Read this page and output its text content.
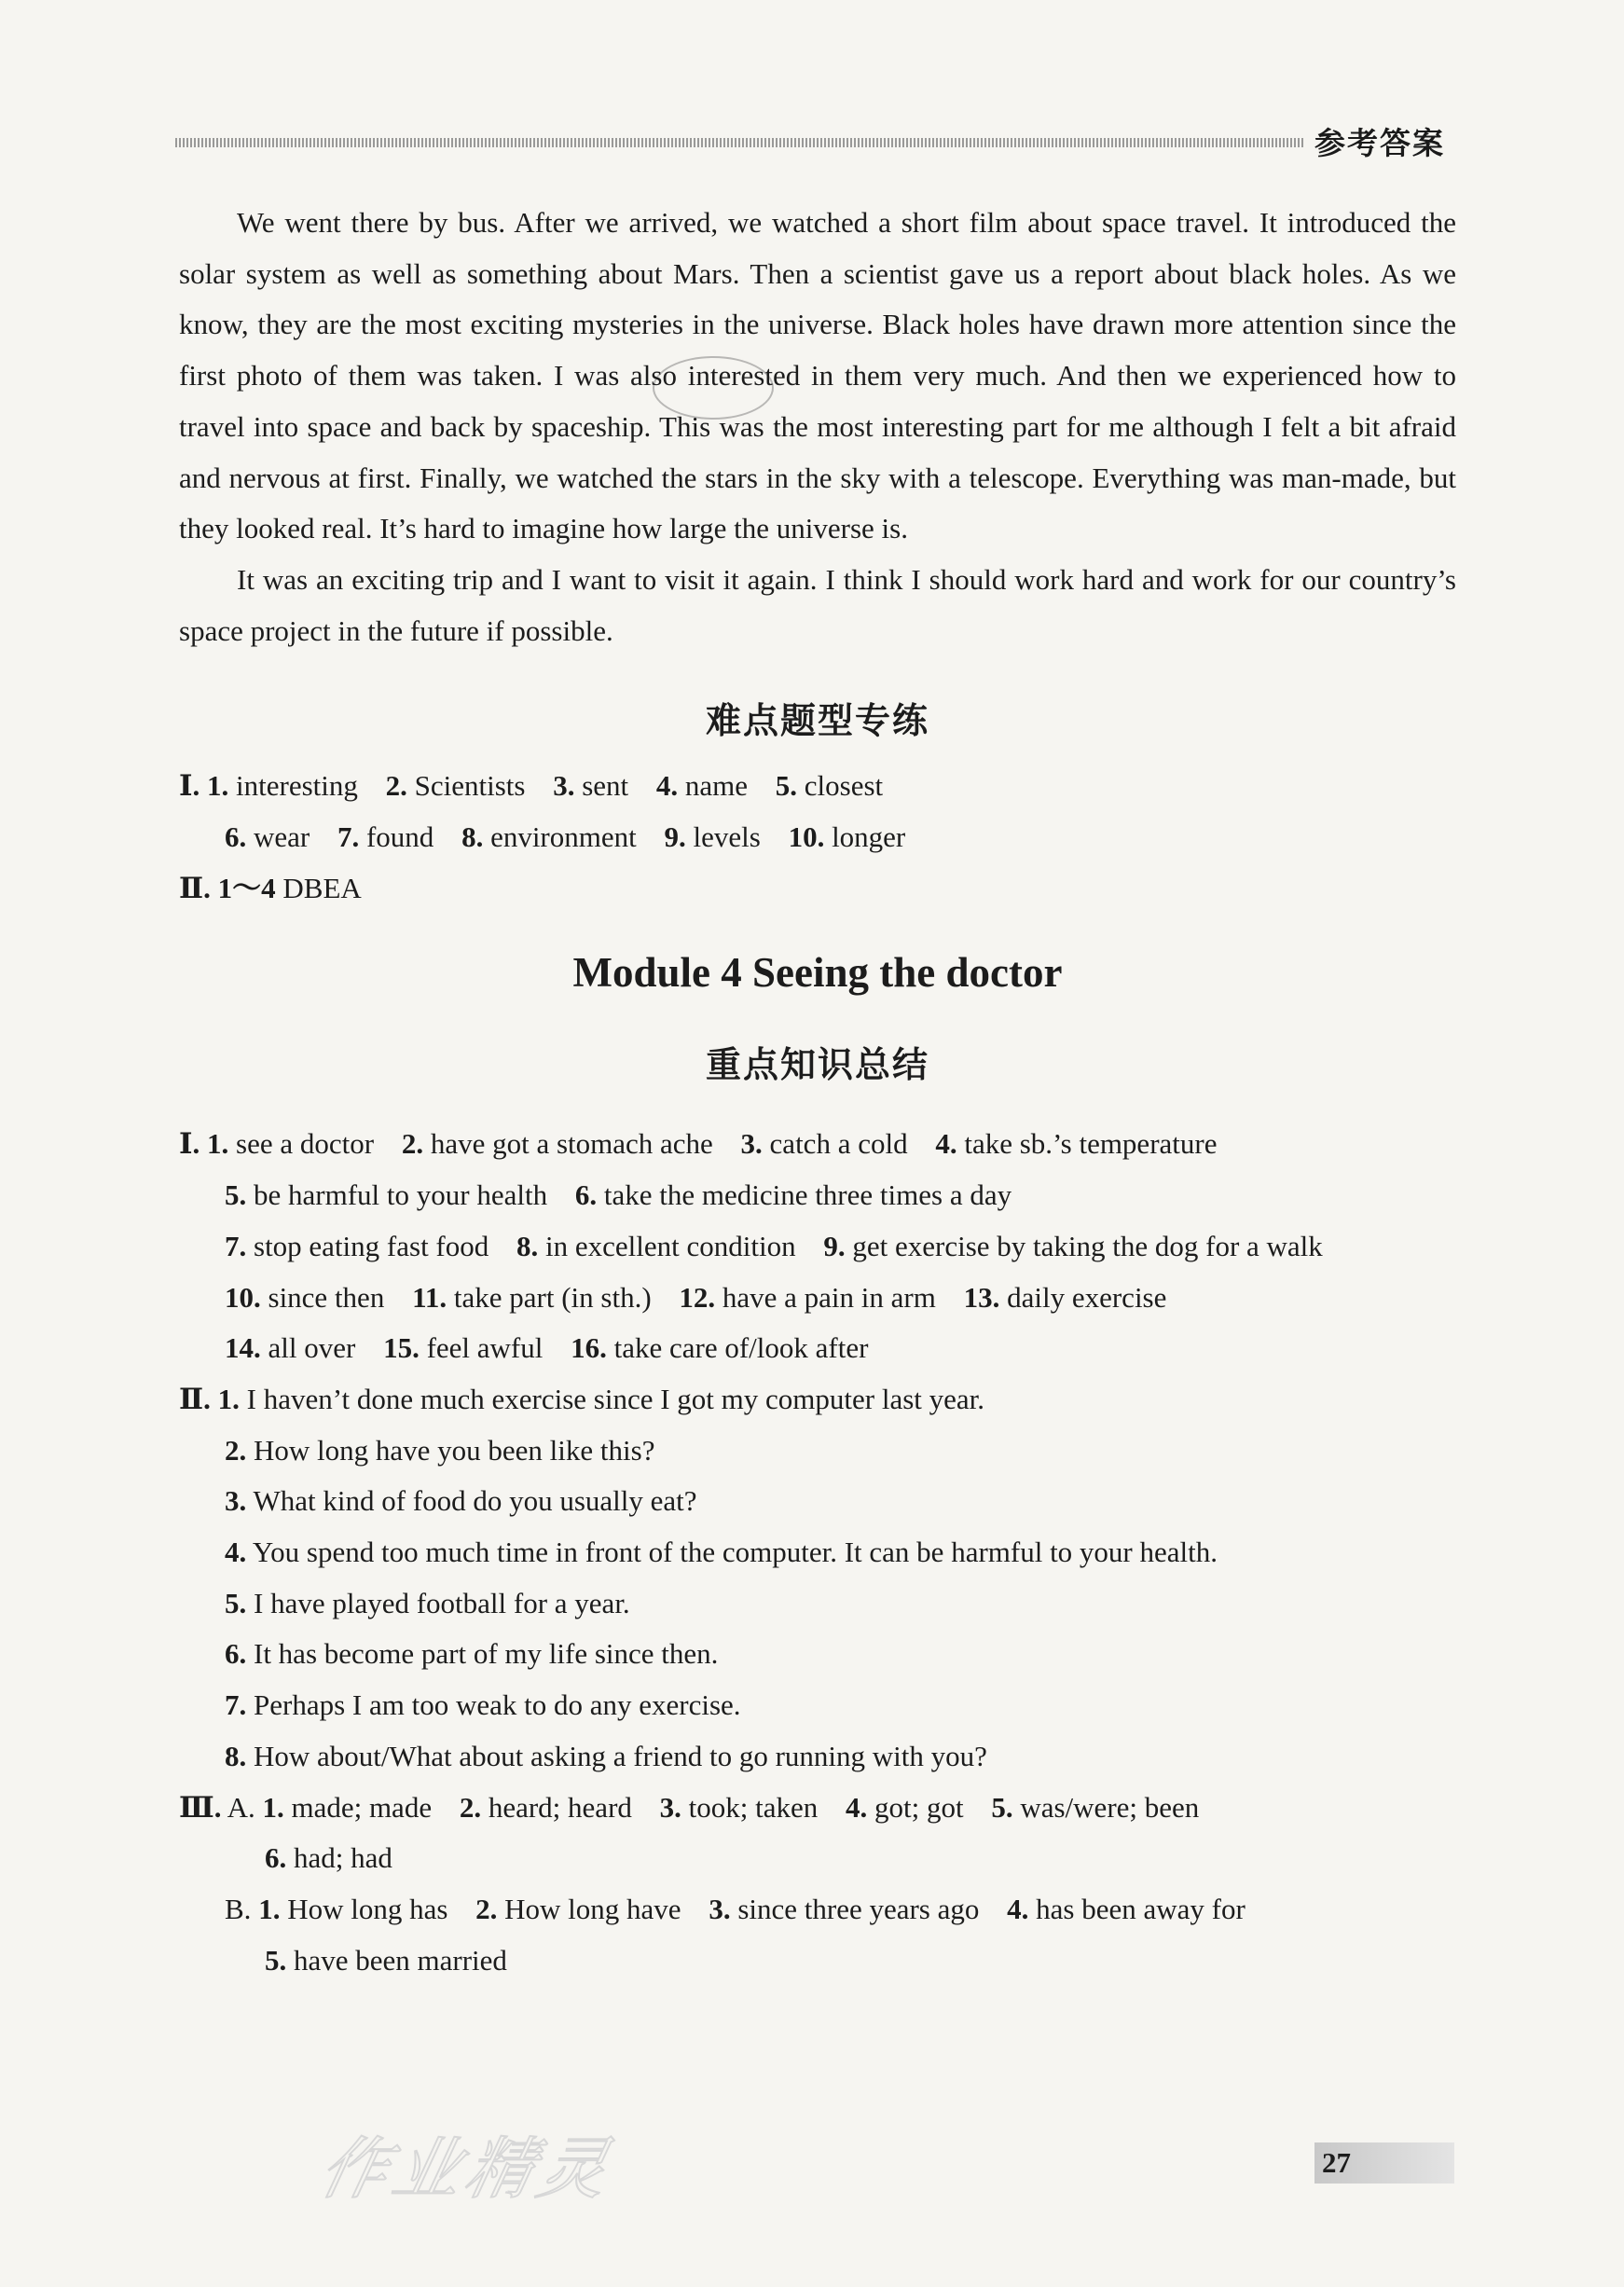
参考答案

We went there by bus. After we arrived, we watched a short film about space travel. It introduced the solar system as well as something about Mars. Then a scientist gave us a report about black holes. As we know, they are the most exciting mysteries in the universe. Black holes have drawn more attention since the first photo of them was taken. I was also interested in them very much. And then we experienced how to travel into space and back by spaceship. This was the most interesting part for me although I felt a bit afraid and nervous at first. Finally, we watched the stars in the sky with a telescope. Everything was man-made, but they looked real. It’s hard to imagine how large the universe is.

It was an exciting trip and I want to visit it again. I think I should work hard and work for our country’s space project in the future if possible.

难点题型专练

Ⅰ. 1. interesting 2. Scientists 3. sent 4. name 5. closest

6. wear 7. found 8. environment 9. levels 10. longer

Ⅱ. 1～4 DBEA

Module 4 Seeing the doctor
重点知识总结

Ⅰ. 1. see a doctor 2. have got a stomach ache 3. catch a cold 4. take sb.’s temperature

5. be harmful to your health 6. take the medicine three times a day

7. stop eating fast food 8. in excellent condition 9. get exercise by taking the dog for a walk

10. since then 11. take part (in sth.) 12. have a pain in arm 13. daily exercise

14. all over 15. feel awful 16. take care of/look after

Ⅱ. 1. I haven’t done much exercise since I got my computer last year.

2. How long have you been like this?

3. What kind of food do you usually eat?

4. You spend too much time in front of the computer. It can be harmful to your health.

5. I have played football for a year.

6. It has become part of my life since then.

7. Perhaps I am too weak to do any exercise.

8. How about/What about asking a friend to go running with you?

Ⅲ. A. 1. made; made 2. heard; heard 3. took; taken 4. got; got 5. was/were; been

6. had; had

B. 1. How long has 2. How long have 3. since three years ago 4. has been away for

5. have been married

作业精灵	27
